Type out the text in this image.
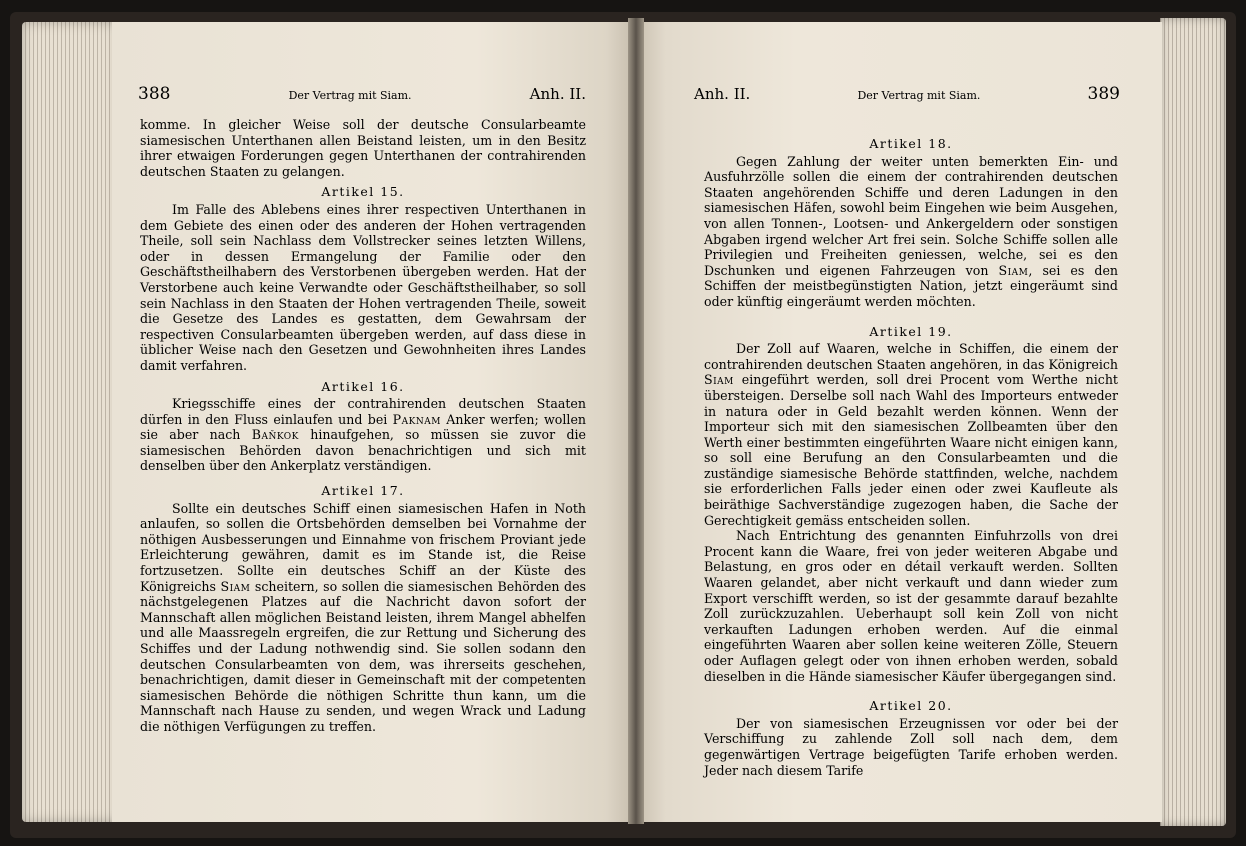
388	Der Vertrag mit Siam.	Anh. II.

komme. In gleicher Weise soll der deutsche Consularbeamte siamesischen Unterthanen allen Beistand leisten, um in den Besitz ihrer etwaigen Forderungen gegen Unterthanen der contrahirenden deutschen Staaten zu gelangen.

Artikel 15.

Im Falle des Ablebens eines ihrer respectiven Unterthanen in dem Gebiete des einen oder des anderen der Hohen vertragenden Theile, soll sein Nachlass dem Vollstrecker seines letzten Willens, oder in dessen Ermangelung der Familie oder den Geschäftstheilhabern des Verstorbenen übergeben werden. Hat der Verstorbene auch keine Verwandte oder Geschäftstheilhaber, so soll sein Nachlass in den Staaten der Hohen vertragenden Theile, soweit die Gesetze des Landes es gestatten, dem Gewahrsam der respectiven Consularbeamten übergeben werden, auf dass diese in üblicher Weise nach den Gesetzen und Gewohnheiten ihres Landes damit verfahren.

Artikel 16.

Kriegsschiffe eines der contrahirenden deutschen Staaten dürfen in den Fluss einlaufen und bei Paknam Anker werfen; wollen sie aber nach Baňkok hinaufgehen, so müssen sie zuvor die siamesischen Behörden davon benachrichtigen und sich mit denselben über den Ankerplatz verständigen.

Artikel 17.

Sollte ein deutsches Schiff einen siamesischen Hafen in Noth anlaufen, so sollen die Ortsbehörden demselben bei Vornahme der nöthigen Ausbesserungen und Einnahme von frischem Proviant jede Erleichterung gewähren, damit es im Stande ist, die Reise fortzusetzen. Sollte ein deutsches Schiff an der Küste des Königreichs Siam scheitern, so sollen die siamesischen Behörden des nächstgelegenen Platzes auf die Nachricht davon sofort der Mannschaft allen möglichen Beistand leisten, ihrem Mangel abhelfen und alle Maassregeln ergreifen, die zur Rettung und Sicherung des Schiffes und der Ladung nothwendig sind. Sie sollen sodann den deutschen Consularbeamten von dem, was ihrerseits geschehen, benachrichtigen, damit dieser in Gemeinschaft mit der competenten siamesischen Behörde die nöthigen Schritte thun kann, um die Mannschaft nach Hause zu senden, und wegen Wrack und Ladung die nöthigen Verfügungen zu treffen.

Anh. II.	Der Vertrag mit Siam.	389
Artikel 18.

Gegen Zahlung der weiter unten bemerkten Ein- und Ausfuhrzölle sollen die einem der contrahirenden deutschen Staaten angehörenden Schiffe und deren Ladungen in den siamesischen Häfen, sowohl beim Eingehen wie beim Ausgehen, von allen Tonnen-, Lootsen- und Ankergeldern oder sonstigen Abgaben irgend welcher Art frei sein. Solche Schiffe sollen alle Privilegien und Freiheiten geniessen, welche, sei es den Dschunken und eigenen Fahrzeugen von Siam, sei es den Schiffen der meistbegünstigten Nation, jetzt eingeräumt sind oder künftig eingeräumt werden möchten.

Artikel 19.

Der Zoll auf Waaren, welche in Schiffen, die einem der contrahirenden deutschen Staaten angehören, in das Königreich Siam eingeführt werden, soll drei Procent vom Werthe nicht übersteigen. Derselbe soll nach Wahl des Importeurs entweder in natura oder in Geld bezahlt werden können. Wenn der Importeur sich mit den siamesischen Zollbeamten über den Werth einer bestimmten eingeführten Waare nicht einigen kann, so soll eine Berufung an den Consularbeamten und die zuständige siamesische Behörde stattfinden, welche, nachdem sie erforderlichen Falls jeder einen oder zwei Kaufleute als beiräthige Sachverständige zugezogen haben, die Sache der Gerechtigkeit gemäss entscheiden sollen.

Nach Entrichtung des genannten Einfuhrzolls von drei Procent kann die Waare, frei von jeder weiteren Abgabe und Belastung, en gros oder en détail verkauft werden. Sollten Waaren gelandet, aber nicht verkauft und dann wieder zum Export verschifft werden, so ist der gesammte darauf bezahlte Zoll zurückzuzahlen. Ueberhaupt soll kein Zoll von nicht verkauften Ladungen erhoben werden. Auf die einmal eingeführten Waaren aber sollen keine weiteren Zölle, Steuern oder Auflagen gelegt oder von ihnen erhoben werden, sobald dieselben in die Hände siamesischer Käufer übergegangen sind.

Artikel 20.

Der von siamesischen Erzeugnissen vor oder bei der Verschiffung zu zahlende Zoll soll nach dem, dem gegenwärtigen Vertrage beigefügten Tarife erhoben werden. Jeder nach diesem Tarife
